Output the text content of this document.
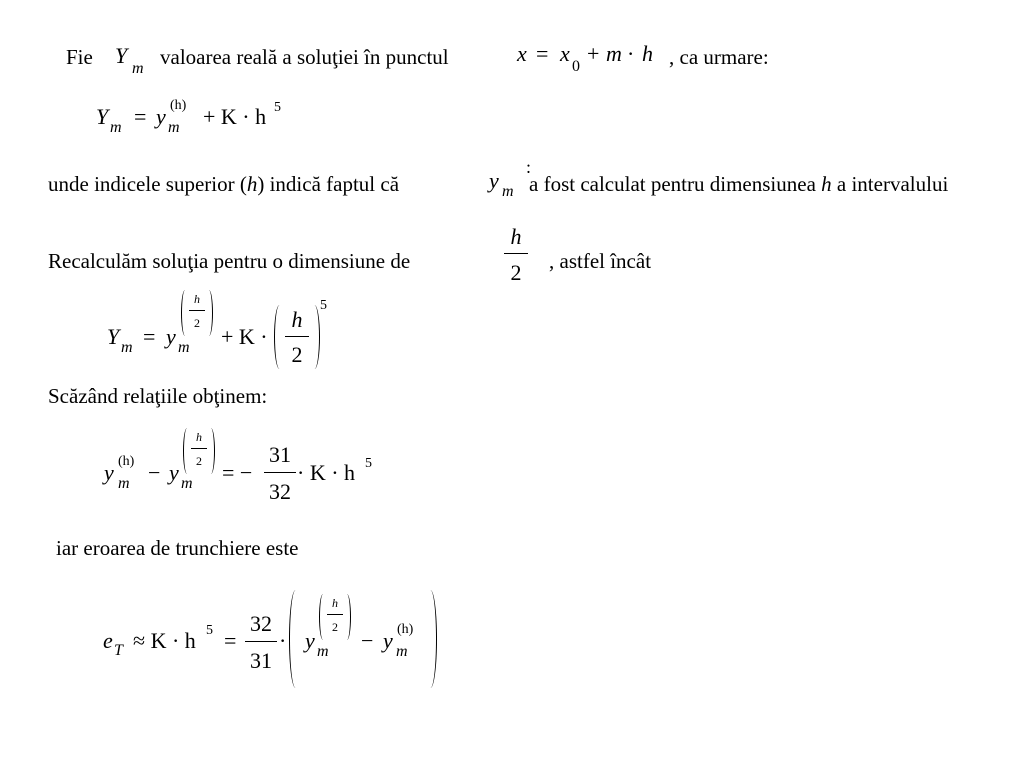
Fie Y
m valoarea reală a soluţiei în punctul	x = x
0
+ m · h , ca urmare:
Y m = y m
(h) + K · h 5
unde indicele superior (h) indică faptul că	y m
:
a fost calculat pentru dimensiunea h a intervalului
Recalculăm soluţia pentru o dimensiune de
h
2	, astfel încât
Y m = y m
h
2
+ K ·
h
2
5
Scăzând relaţiile obţinem:
y m
(h) − y m
h
2 = −
31
32
· K · h 5
iar eroarea de trunchiere este
e T ≈ K · h 5 =
32
31
· y m
h
2
− y m
(h)
